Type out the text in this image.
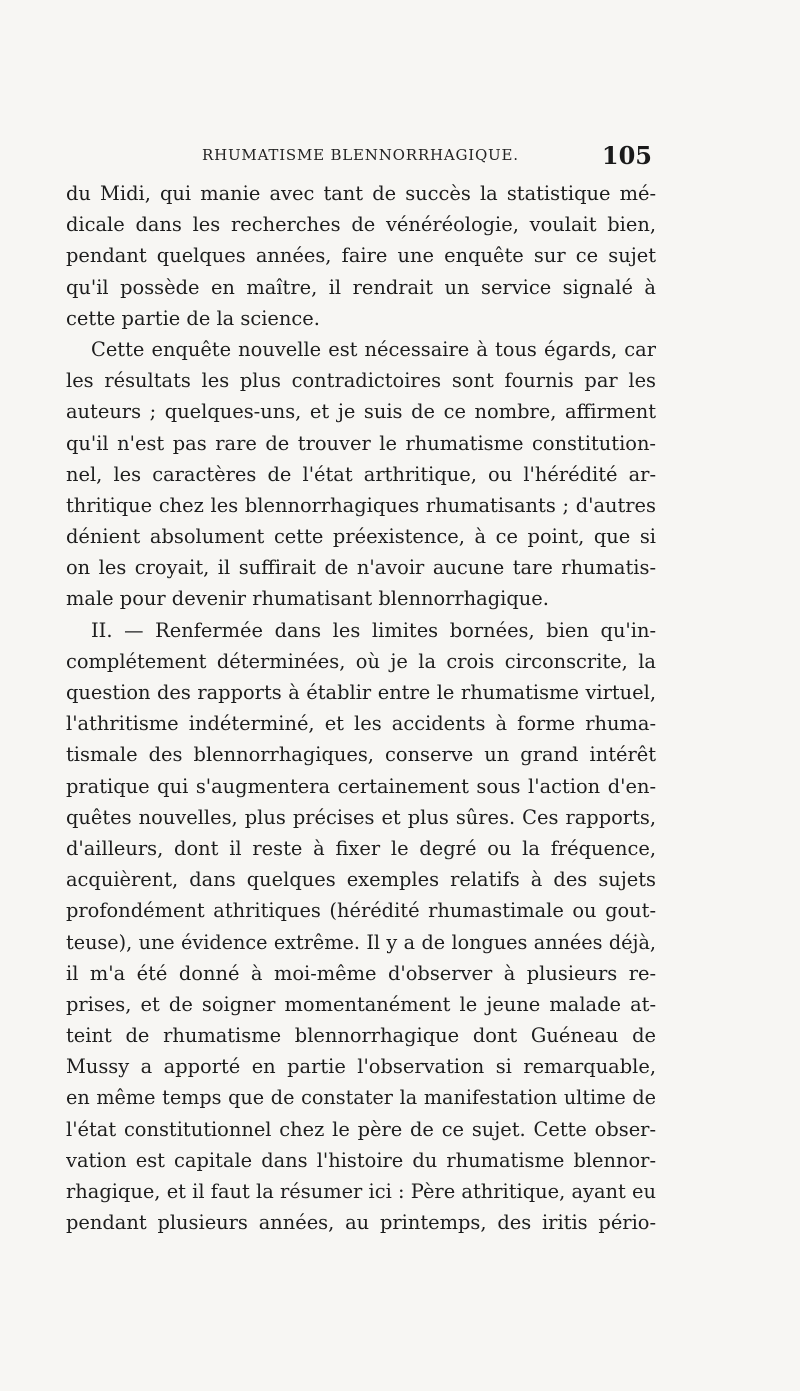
RHUMATISME BLENNORRHAGIQUE.	105
du Midi, qui manie avec tant de succès la statistique mé-
dicale dans les recherches de vénéréologie, voulait bien,
pendant quelques années, faire une enquête sur ce sujet
qu'il possède en maître, il rendrait un service signalé à
cette partie de la science.
Cette enquête nouvelle est nécessaire à tous égards, car
les résultats les plus contradictoires sont fournis par les
auteurs ; quelques-uns, et je suis de ce nombre, affirment
qu'il n'est pas rare de trouver le rhumatisme constitution-
nel, les caractères de l'état arthritique, ou l'hérédité ar-
thritique chez les blennorrhagiques rhumatisants ; d'autres
dénient absolument cette préexistence, à ce point, que si
on les croyait, il suffirait de n'avoir aucune tare rhumatis-
male pour devenir rhumatisant blennorrhagique.
II. — Renfermée dans les limites bornées, bien qu'in-
complétement déterminées, où je la crois circonscrite, la
question des rapports à établir entre le rhumatisme virtuel,
l'athritisme indéterminé, et les accidents à forme rhuma-
tismale des blennorrhagiques, conserve un grand intérêt
pratique qui s'augmentera certainement sous l'action d'en-
quêtes nouvelles, plus précises et plus sûres. Ces rapports,
d'ailleurs, dont il reste à fixer le degré ou la fréquence,
acquièrent, dans quelques exemples relatifs à des sujets
profondément athritiques (hérédité rhumastimale ou gout-
teuse), une évidence extrême. Il y a de longues années déjà,
il m'a été donné à moi-même d'observer à plusieurs re-
prises, et de soigner momentanément le jeune malade at-
teint de rhumatisme blennorrhagique dont Guéneau de
Mussy a apporté en partie l'observation si remarquable,
en même temps que de constater la manifestation ultime de
l'état constitutionnel chez le père de ce sujet. Cette obser-
vation est capitale dans l'histoire du rhumatisme blennor-
rhagique, et il faut la résumer ici : Père athritique, ayant eu
pendant plusieurs années, au printemps, des iritis pério-
